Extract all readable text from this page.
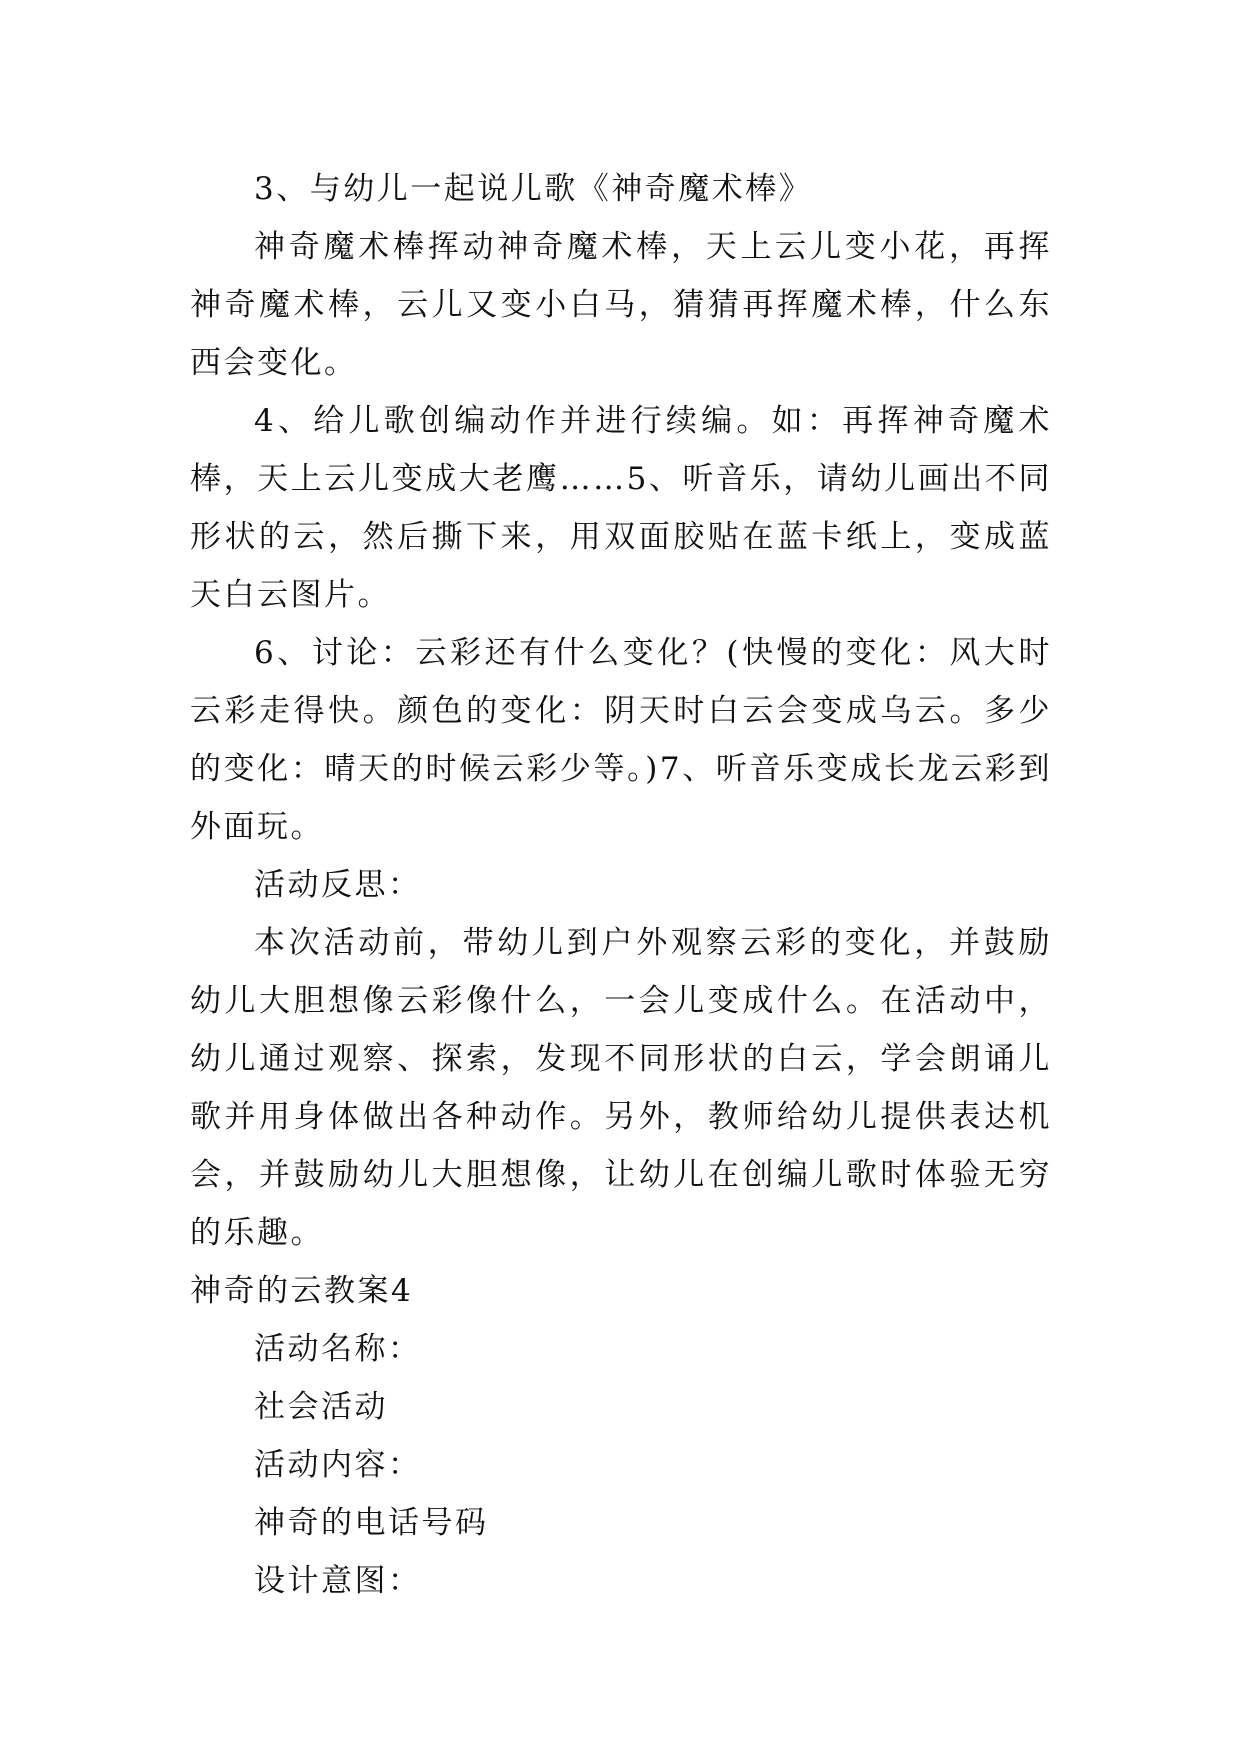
3、与幼儿一起说儿歌《神奇魔术棒》

神奇魔术棒挥动神奇魔术棒，天上云儿变小花，再挥神奇魔术棒，云儿又变小白马，猜猜再挥魔术棒，什么东西会变化。

4、给儿歌创编动作并进行续编。如：再挥神奇魔术棒，天上云儿变成大老鹰……5、听音乐，请幼儿画出不同形状的云，然后撕下来，用双面胶贴在蓝卡纸上，变成蓝天白云图片。

6、讨论：云彩还有什么变化？(快慢的变化：风大时云彩走得快。颜色的变化：阴天时白云会变成乌云。多少的变化：晴天的时候云彩少等。)7、听音乐变成长龙云彩到外面玩。

活动反思：

本次活动前，带幼儿到户外观察云彩的变化，并鼓励幼儿大胆想像云彩像什么，一会儿变成什么。在活动中，幼儿通过观察、探索，发现不同形状的白云，学会朗诵儿歌并用身体做出各种动作。另外，教师给幼儿提供表达机会，并鼓励幼儿大胆想像，让幼儿在创编儿歌时体验无穷的乐趣。

神奇的云教案4

活动名称：

社会活动

活动内容：

神奇的电话号码

设计意图：
